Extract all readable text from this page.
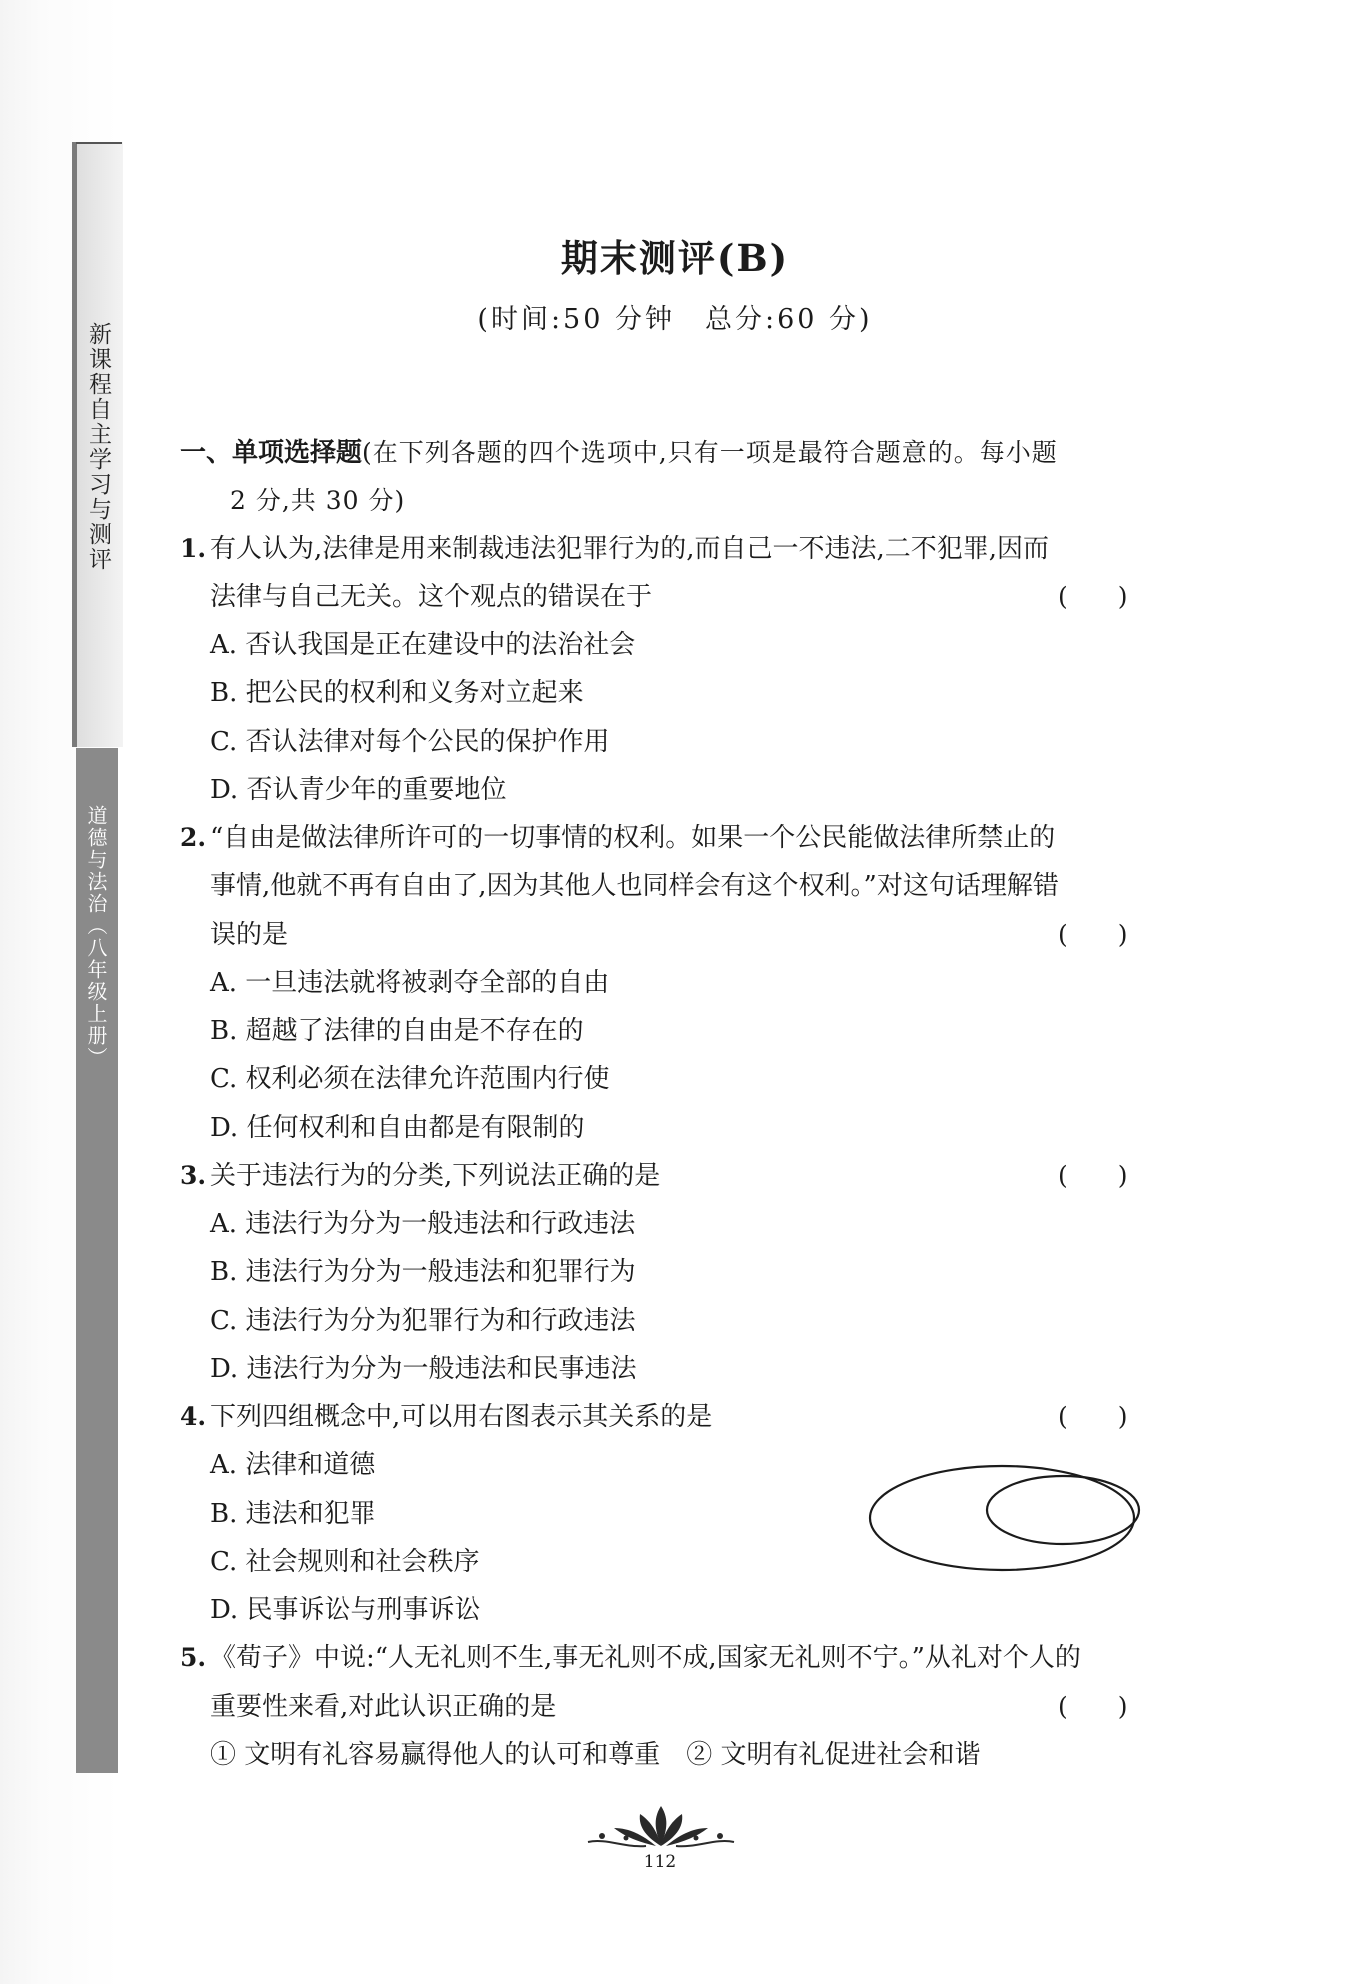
新课程自主学习与测评
道德与法治︵八年级上册︶
期末测评(B)
(时间:50 分钟　总分:60 分)
一、单项选择题(在下列各题的四个选项中,只有一项是最符合题意的。每小题
2 分,共 30 分)
1. 有人认为,法律是用来制裁违法犯罪行为的,而自己一不违法,二不犯罪,因而
法律与自己无关。这个观点的错误在于	(　　)
A. 否认我国是正在建设中的法治社会
B. 把公民的权利和义务对立起来
C. 否认法律对每个公民的保护作用
D. 否认青少年的重要地位
2. “自由是做法律所许可的一切事情的权利。如果一个公民能做法律所禁止的
事情,他就不再有自由了,因为其他人也同样会有这个权利。”对这句话理解错
误的是	(　　)
A. 一旦违法就将被剥夺全部的自由
B. 超越了法律的自由是不存在的
C. 权利必须在法律允许范围内行使
D. 任何权利和自由都是有限制的
3. 关于违法行为的分类,下列说法正确的是	(　　)
A. 违法行为分为一般违法和行政违法
B. 违法行为分为一般违法和犯罪行为
C. 违法行为分为犯罪行为和行政违法
D. 违法行为分为一般违法和民事违法
4. 下列四组概念中,可以用右图表示其关系的是	(　　)
A. 法律和道德
B. 违法和犯罪
C. 社会规则和社会秩序
D. 民事诉讼与刑事诉讼
5. 《荀子》中说:“人无礼则不生,事无礼则不成,国家无礼则不宁。”从礼对个人的
重要性来看,对此认识正确的是	(　　)
① 文明有礼容易赢得他人的认可和尊重　② 文明有礼促进社会和谐
112
